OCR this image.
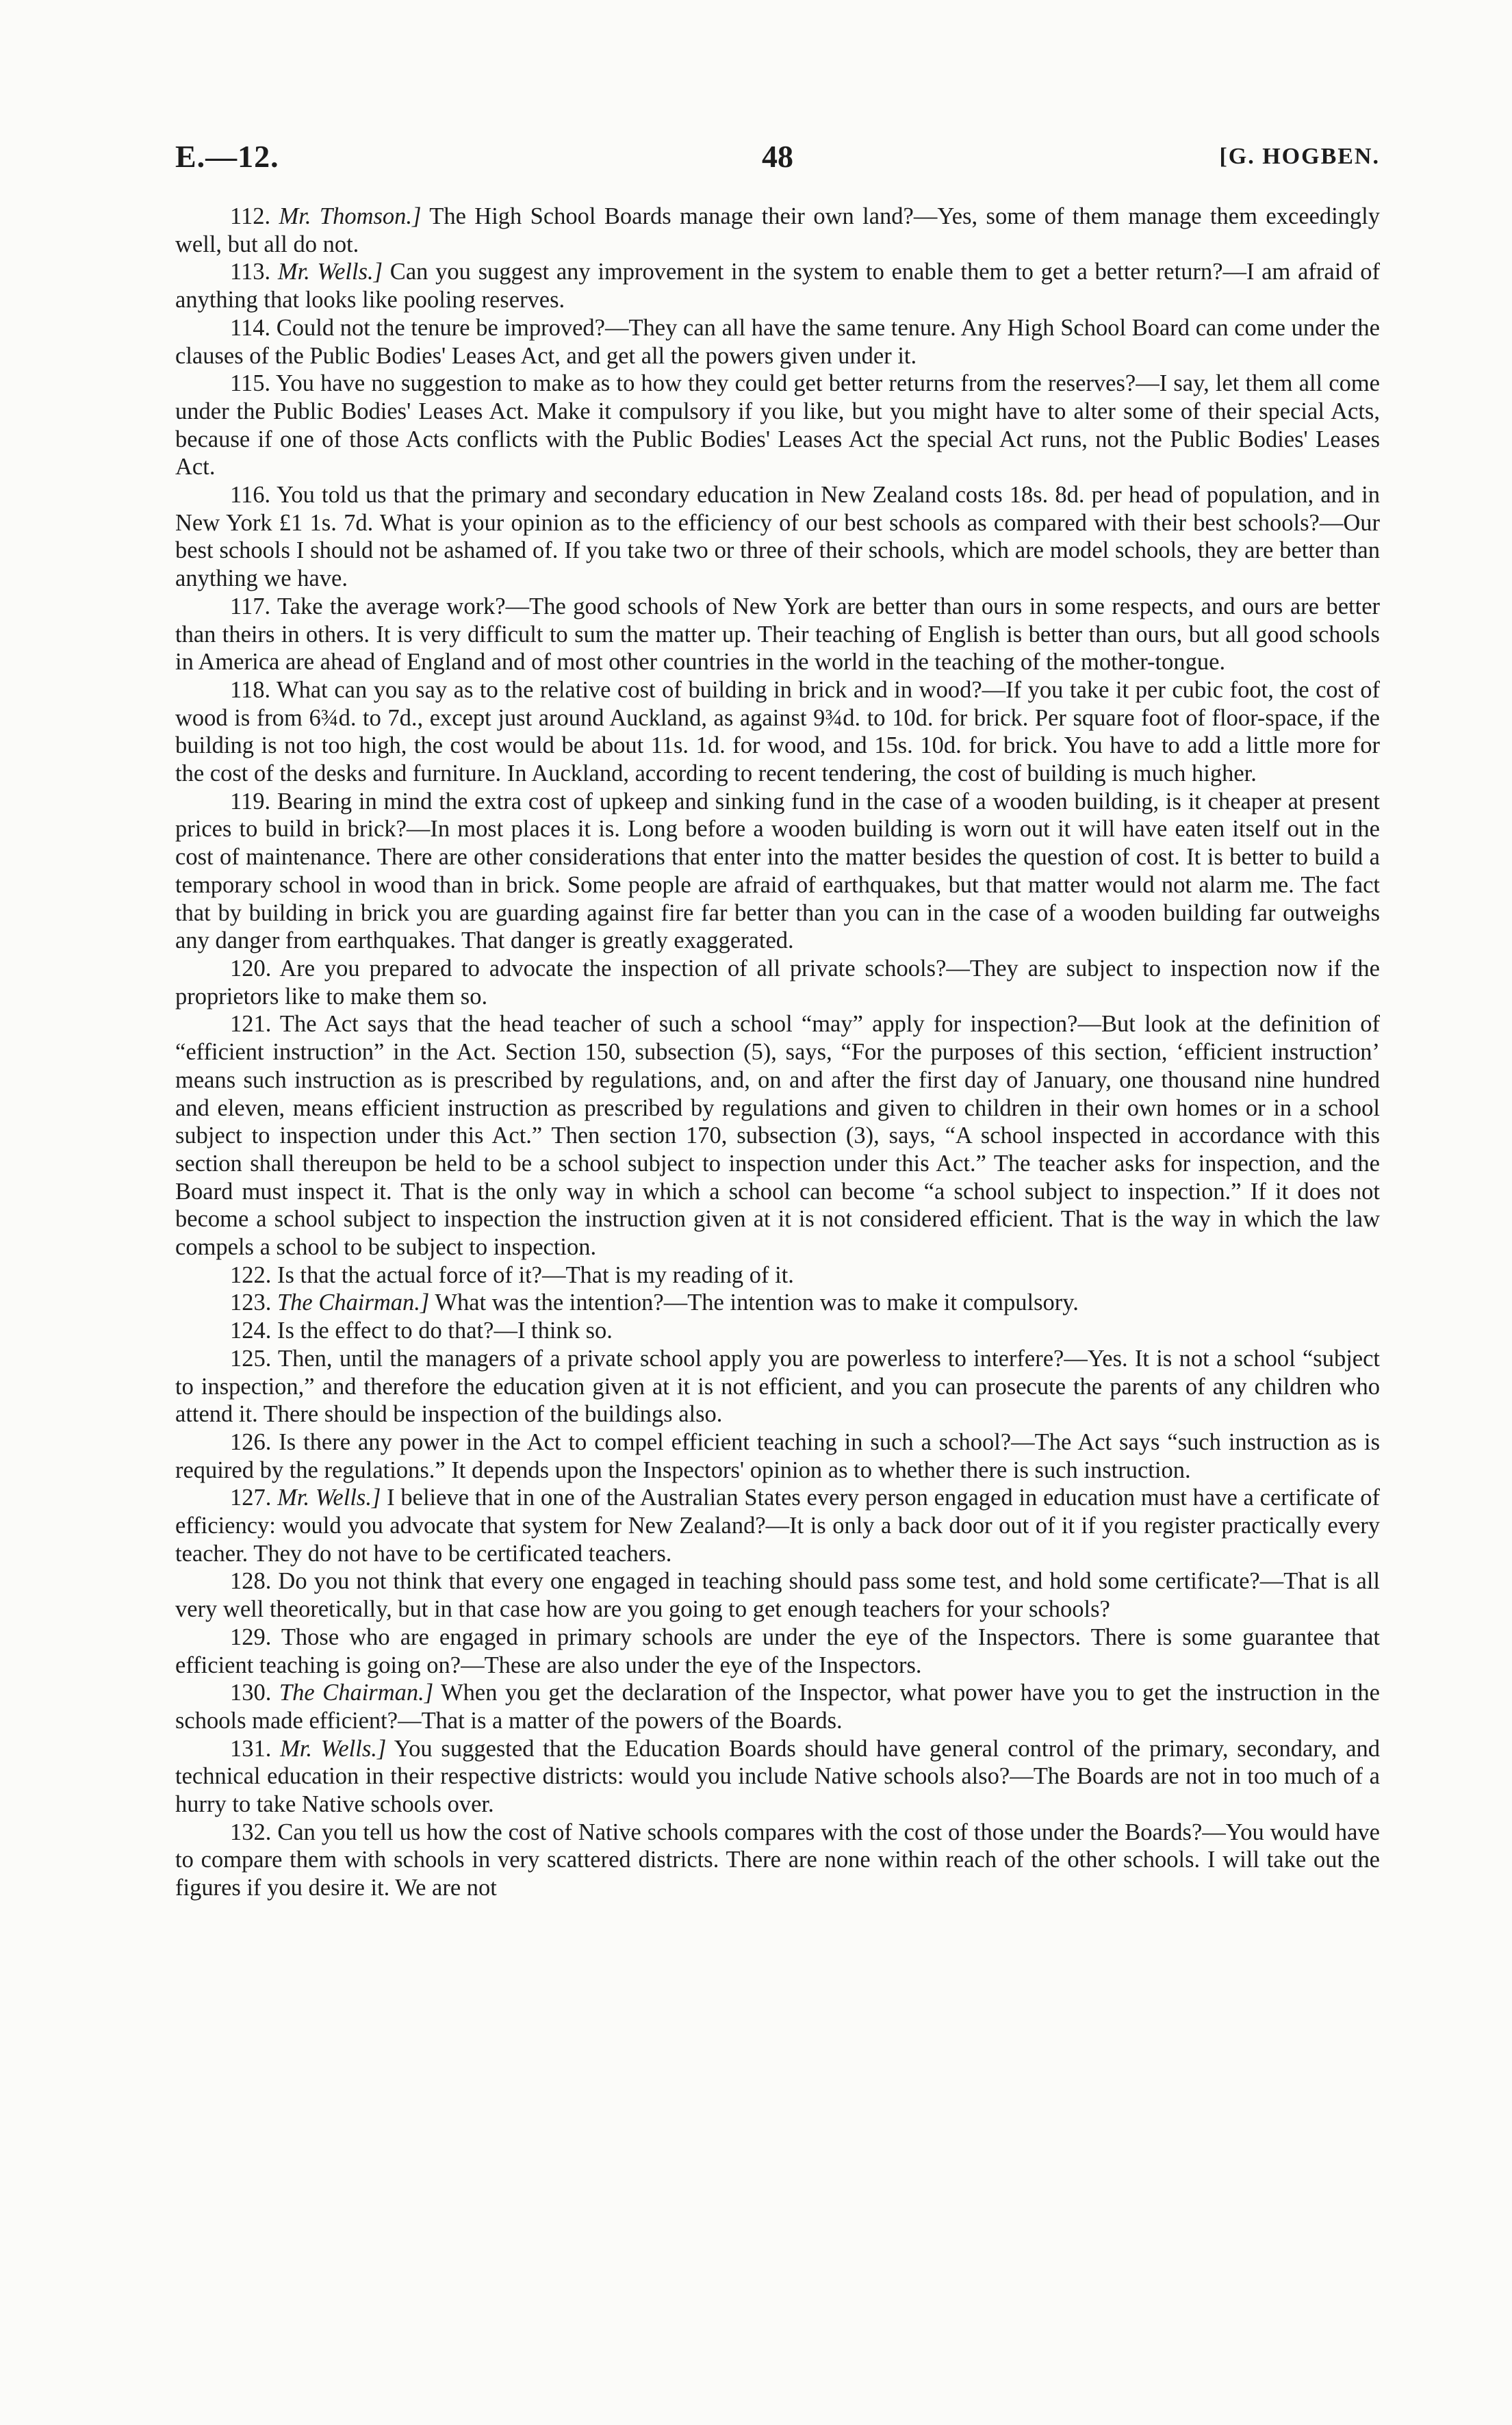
E.—12.	48	[G. HOGBEN.

112. Mr. Thomson.] The High School Boards manage their own land?—Yes, some of them manage them exceedingly well, but all do not.

113. Mr. Wells.] Can you suggest any improvement in the system to enable them to get a better return?—I am afraid of anything that looks like pooling reserves.

114. Could not the tenure be improved?—They can all have the same tenure. Any High School Board can come under the clauses of the Public Bodies' Leases Act, and get all the powers given under it.

115. You have no suggestion to make as to how they could get better returns from the reserves?—I say, let them all come under the Public Bodies' Leases Act. Make it compulsory if you like, but you might have to alter some of their special Acts, because if one of those Acts conflicts with the Public Bodies' Leases Act the special Act runs, not the Public Bodies' Leases Act.

116. You told us that the primary and secondary education in New Zealand costs 18s. 8d. per head of population, and in New York £1 1s. 7d. What is your opinion as to the efficiency of our best schools as compared with their best schools?—Our best schools I should not be ashamed of. If you take two or three of their schools, which are model schools, they are better than anything we have.

117. Take the average work?—The good schools of New York are better than ours in some respects, and ours are better than theirs in others. It is very difficult to sum the matter up. Their teaching of English is better than ours, but all good schools in America are ahead of England and of most other countries in the world in the teaching of the mother-tongue.

118. What can you say as to the relative cost of building in brick and in wood?—If you take it per cubic foot, the cost of wood is from 6¾d. to 7d., except just around Auckland, as against 9¾d. to 10d. for brick. Per square foot of floor-space, if the building is not too high, the cost would be about 11s. 1d. for wood, and 15s. 10d. for brick. You have to add a little more for the cost of the desks and furniture. In Auckland, according to recent tendering, the cost of building is much higher.

119. Bearing in mind the extra cost of upkeep and sinking fund in the case of a wooden building, is it cheaper at present prices to build in brick?—In most places it is. Long before a wooden building is worn out it will have eaten itself out in the cost of maintenance. There are other considerations that enter into the matter besides the question of cost. It is better to build a temporary school in wood than in brick. Some people are afraid of earthquakes, but that matter would not alarm me. The fact that by building in brick you are guarding against fire far better than you can in the case of a wooden building far outweighs any danger from earthquakes. That danger is greatly exaggerated.

120. Are you prepared to advocate the inspection of all private schools?—They are subject to inspection now if the proprietors like to make them so.

121. The Act says that the head teacher of such a school “may” apply for inspection?—But look at the definition of “efficient instruction” in the Act. Section 150, subsection (5), says, “For the purposes of this section, ‘efficient instruction’ means such instruction as is prescribed by regulations, and, on and after the first day of January, one thousand nine hundred and eleven, means efficient instruction as prescribed by regulations and given to children in their own homes or in a school subject to inspection under this Act.” Then section 170, subsection (3), says, “A school inspected in accordance with this section shall thereupon be held to be a school subject to inspection under this Act.” The teacher asks for inspection, and the Board must inspect it. That is the only way in which a school can become “a school subject to inspection.” If it does not become a school subject to inspection the instruction given at it is not considered efficient. That is the way in which the law compels a school to be subject to inspection.

122. Is that the actual force of it?—That is my reading of it.

123. The Chairman.] What was the intention?—The intention was to make it compulsory.

124. Is the effect to do that?—I think so.

125. Then, until the managers of a private school apply you are powerless to interfere?—Yes. It is not a school “subject to inspection,” and therefore the education given at it is not efficient, and you can prosecute the parents of any children who attend it. There should be inspection of the buildings also.

126. Is there any power in the Act to compel efficient teaching in such a school?—The Act says “such instruction as is required by the regulations.” It depends upon the Inspectors' opinion as to whether there is such instruction.

127. Mr. Wells.] I believe that in one of the Australian States every person engaged in education must have a certificate of efficiency: would you advocate that system for New Zealand?—It is only a back door out of it if you register practically every teacher. They do not have to be certificated teachers.

128. Do you not think that every one engaged in teaching should pass some test, and hold some certificate?—That is all very well theoretically, but in that case how are you going to get enough teachers for your schools?

129. Those who are engaged in primary schools are under the eye of the Inspectors. There is some guarantee that efficient teaching is going on?—These are also under the eye of the Inspectors.

130. The Chairman.] When you get the declaration of the Inspector, what power have you to get the instruction in the schools made efficient?—That is a matter of the powers of the Boards.

131. Mr. Wells.] You suggested that the Education Boards should have general control of the primary, secondary, and technical education in their respective districts: would you include Native schools also?—The Boards are not in too much of a hurry to take Native schools over.

132. Can you tell us how the cost of Native schools compares with the cost of those under the Boards?—You would have to compare them with schools in very scattered districts. There are none within reach of the other schools. I will take out the figures if you desire it. We are not
